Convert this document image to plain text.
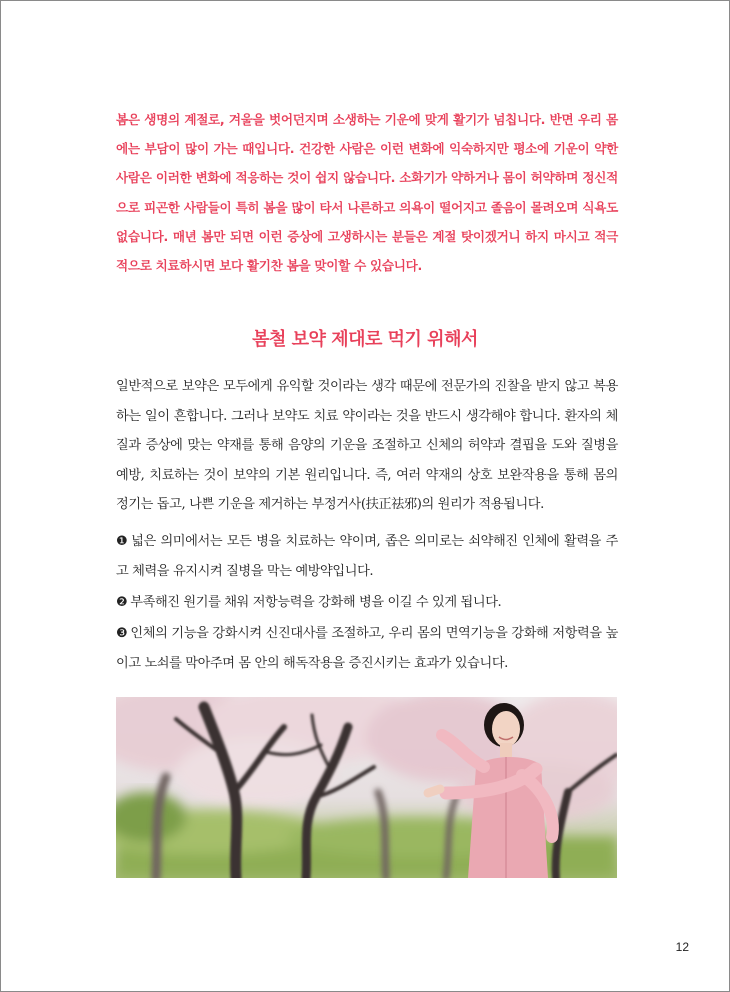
봄은 생명의 계절로, 겨울을 벗어던지며 소생하는 기운에 맞게 활기가 넘칩니다. 반면 우리 몸에는 부담이 많이 가는 때입니다. 건강한 사람은 이런 변화에 익숙하지만 평소에 기운이 약한 사람은 이러한 변화에 적응하는 것이 쉽지 않습니다. 소화기가 약하거나 몸이 허약하며 정신적으로 피곤한 사람들이 특히 봄을 많이 타서 나른하고 의욕이 떨어지고 졸음이 몰려오며 식욕도 없습니다. 매년 봄만 되면 이런 증상에 고생하시는 분들은 계절 탓이겠거니 하지 마시고 적극적으로 치료하시면 보다 활기찬 봄을 맞이할 수 있습니다.

봄철 보약 제대로 먹기 위해서

일반적으로 보약은 모두에게 유익할 것이라는 생각 때문에 전문가의 진찰을 받지 않고 복용하는 일이 흔합니다. 그러나 보약도 치료 약이라는 것을 반드시 생각해야 합니다. 환자의 체질과 증상에 맞는 약재를 통해 음양의 기운을 조절하고 신체의 허약과 결핍을 도와 질병을 예방, 치료하는 것이 보약의 기본 원리입니다. 즉, 여러 약재의 상호 보완작용을 통해 몸의 정기는 돕고, 나쁜 기운을 제거하는 부정거사(扶正祛邪)의 원리가 적용됩니다.

❶ 넓은 의미에서는 모든 병을 치료하는 약이며, 좁은 의미로는 쇠약해진 인체에 활력을 주고 체력을 유지시켜 질병을 막는 예방약입니다.

❷ 부족해진 원기를 채워 저항능력을 강화해 병을 이길 수 있게 됩니다.

❸ 인체의 기능을 강화시켜 신진대사를 조절하고, 우리 몸의 면역기능을 강화해 저항력을 높이고 노쇠를 막아주며 몸 안의 해독작용을 증진시키는 효과가 있습니다.

12
